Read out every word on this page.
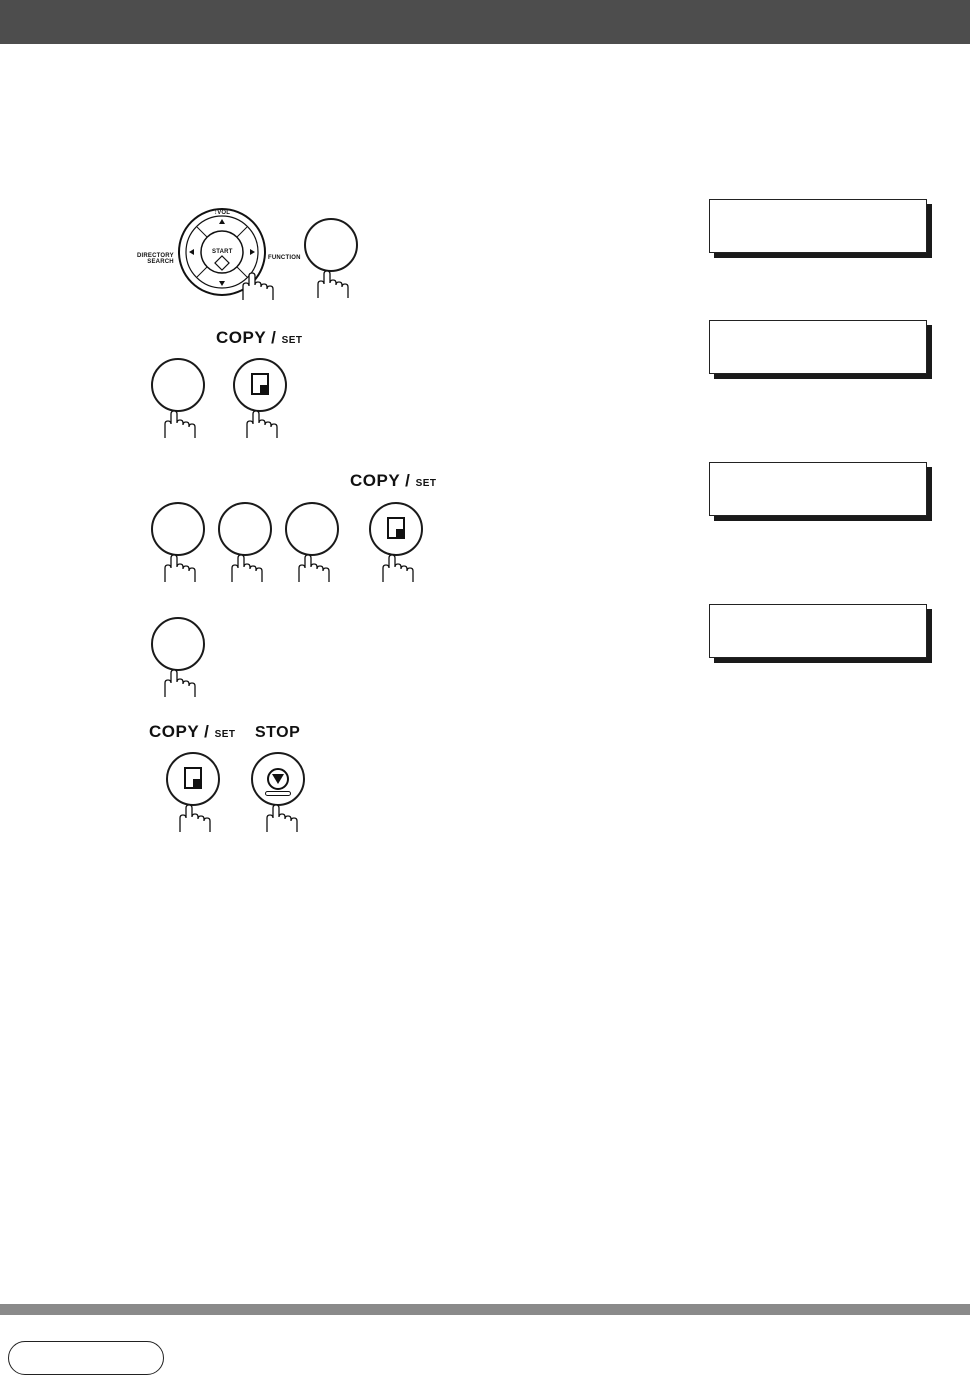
START
↕VOL
DIRECTORY
SEARCH
FUNCTION
COPY / SET
COPY / SET
COPY / SET STOP
